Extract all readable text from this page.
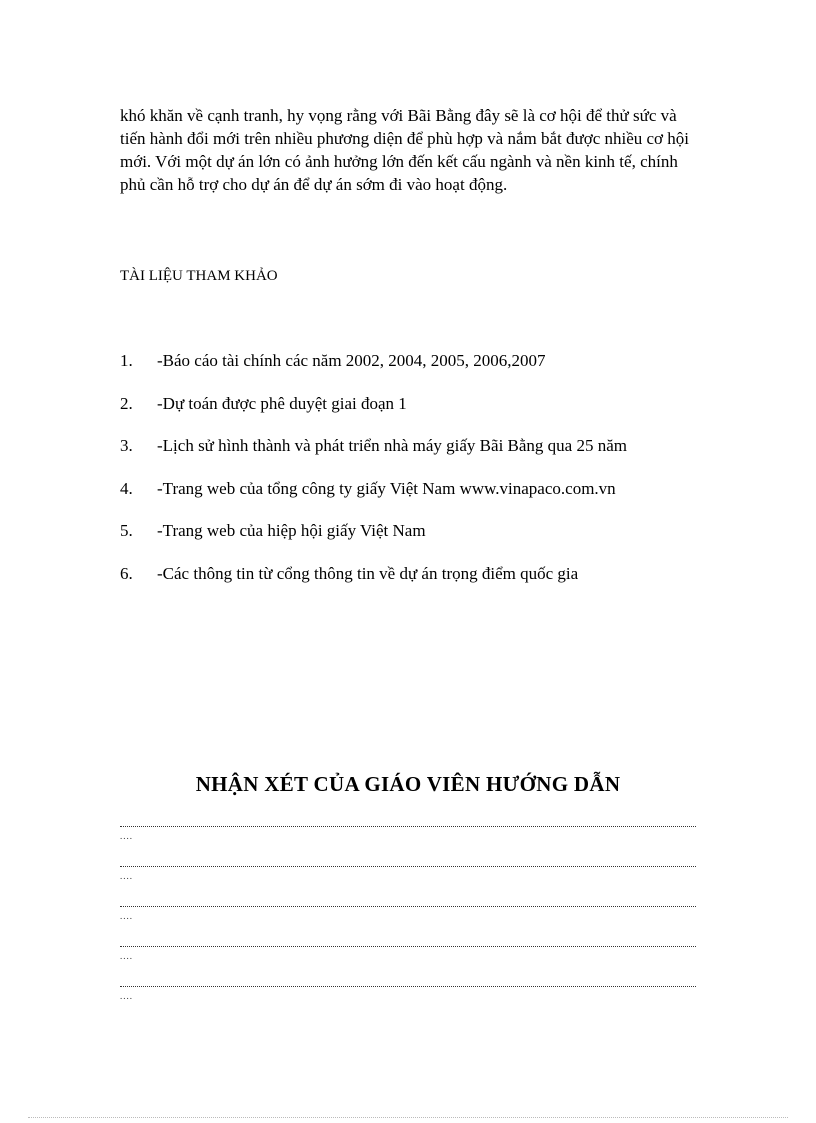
khó khăn về cạnh tranh, hy vọng rằng với Bãi Bằng đây sẽ là cơ hội để thử sức và tiến hành đổi mới trên nhiều phương diện để phù hợp và nắm bắt được nhiều cơ hội mới. Với một dự án lớn có ảnh hưởng lớn đến kết cấu ngành và nền kinh tế, chính phủ cần hỗ trợ cho dự án để dự án sớm đi vào hoạt động.

TÀI LIỆU THAM KHẢO

1. -Báo cáo tài chính các năm 2002, 2004, 2005, 2006,2007
2. -Dự toán được phê duyệt giai đoạn 1
3. -Lịch sử hình thành và phát triển nhà máy giấy Bãi Bằng qua 25 năm
4. -Trang web của tổng công ty giấy Việt Nam www.vinapaco.com.vn
5. -Trang web của hiệp hội giấy Việt Nam
6. -Các thông tin từ cổng thông tin về dự án trọng điểm quốc gia
NHẬN XÉT CỦA GIÁO VIÊN HƯỚNG DẪN
....
....
....
....
....
